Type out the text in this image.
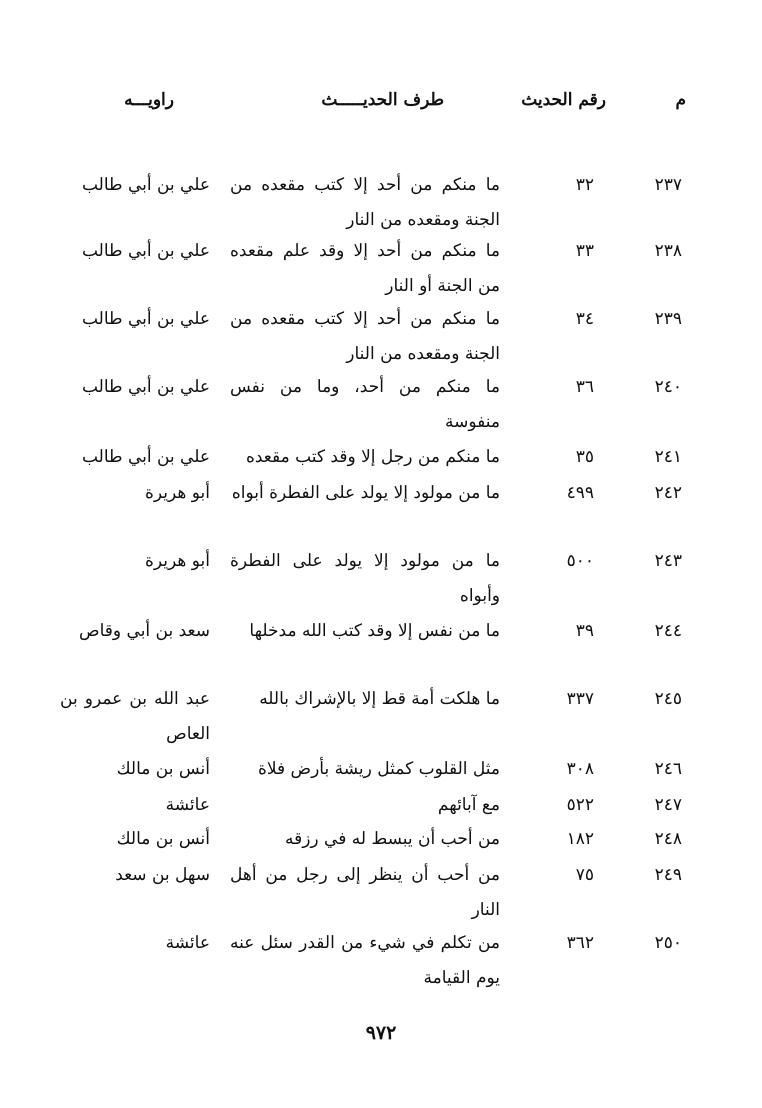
م
رقم الحديث
طرف الحديـــــث
راويـــه
٢٣٧
٣٢
ما منكم من أحد إلا كتب مقعده من الجنة ومقعده من النار
علي بن أبي طالب
٢٣٨
٣٣
ما منكم من أحد إلا وقد علم مقعده من الجنة أو النار
علي بن أبي طالب
٢٣٩
٣٤
ما منكم من أحد إلا كتب مقعده من الجنة ومقعده من النار
علي بن أبي طالب
٢٤٠
٣٦
ما منكم من أحد، وما من نفس منفوسة
علي بن أبي طالب
٢٤١
٣٥
ما منكم من رجل إلا وقد كتب مقعده
علي بن أبي طالب
٢٤٢
٤٩٩
ما من مولود إلا يولد على الفطرة أبواه
أبو هريرة
٢٤٣
٥٠٠
ما من مولود إلا يولد على الفطرة وأبواه
أبو هريرة
٢٤٤
٣٩
ما من نفس إلا وقد كتب الله مدخلها
سعد بن أبي وقاص
٢٤٥
٣٣٧
ما هلكت أمة قط إلا بالإشراك بالله
عبد الله بن عمرو بن العاص
٢٤٦
٣٠٨
مثل القلوب كمثل ريشة بأرض فلاة
أنس بن مالك
٢٤٧
٥٢٢
مع آبائهم
عائشة
٢٤٨
١٨٢
من أحب أن يبسط له في رزقه
أنس بن مالك
٢٤٩
٧٥
من أحب أن ينظر إلى رجل من أهل النار
سهل بن سعد
٢٥٠
٣٦٢
من تكلم في شيء من القدر سئل عنه يوم القيامة
عائشة
٩٧٢
